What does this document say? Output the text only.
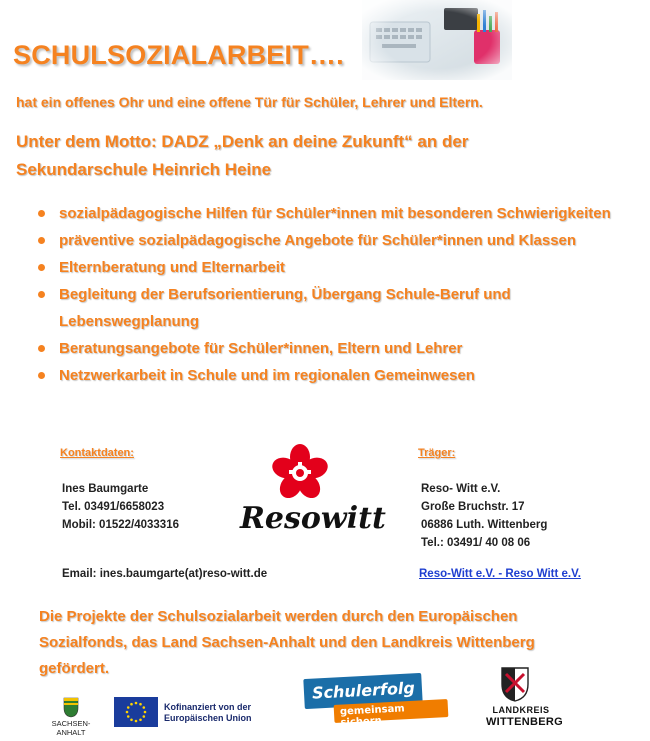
SCHULSOZIALARBEIT….
hat ein offenes Ohr und eine offene Tür für Schüler, Lehrer und Eltern.
Unter dem Motto: DADZ „Denk an deine Zukunft“ an der
Sekundarschule Heinrich Heine
sozialpädagogische Hilfen für Schüler*innen mit besonderen Schwierigkeiten
präventive sozialpädagogische Angebote für Schüler*innen und Klassen
Elternberatung und Elternarbeit
Begleitung der Berufsorientierung, Übergang Schule-Beruf und Lebenswegplanung
Beratungsangebote für Schüler*innen, Eltern und Lehrer
Netzwerkarbeit in Schule und im regionalen Gemeinwesen
Kontaktdaten:
Ines Baumgarte
Tel. 03491/6658023
Mobil: 01522/4033316 Resowitt
Träger:
Reso- Witt e.V.
Große Bruchstr. 17
06886 Luth. Wittenberg
Tel.: 03491/ 40 08 06
Email: ines.baumgarte(at)reso-witt.de	Reso-Witt e.V. - Reso Witt e.V.
Die Projekte der Schulsozialarbeit werden durch den Europäischen Sozialfonds, das Land Sachsen-Anhalt und den Landkreis Wittenberg gefördert.
SACHSEN-ANHALT
Kofinanziert von der
Europäischen Union
Schulerfolg
gemeinsam sichern
LANDKREIS
WITTENBERG
